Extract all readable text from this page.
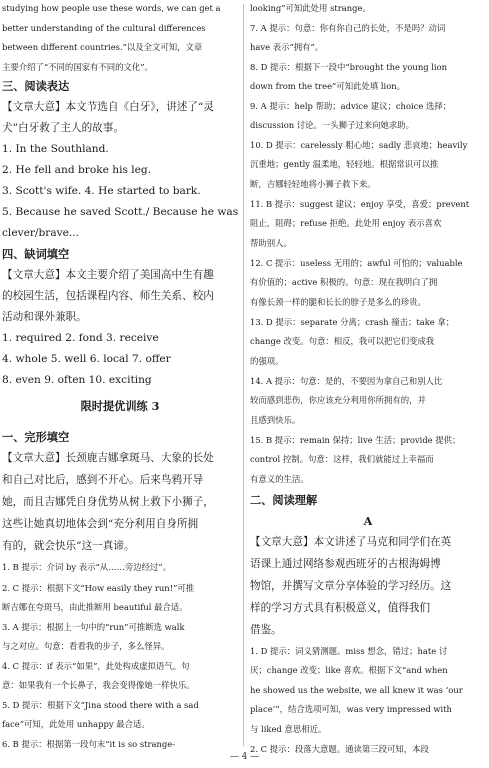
studying how people use these words, we can get a
better understanding of the cultural differences
between different countries.”以及全文可知，文章
主要介绍了“不同的国家有不同的文化”。
三、阅读表达
【文章大意】本文节选自《白牙》，讲述了“灵
犬”白牙救了主人的故事。
1. In the Southland.
2. He fell and broke his leg.
3. Scott's wife. 4. He started to bark.
5. Because he saved Scott./ Because he was
clever/brave...
四、缺词填空
【文章大意】本文主要介绍了美国高中生有趣
的校园生活，包括课程内容、师生关系、校内
活动和课外兼职。
1. required 2. fond 3. receive
4. whole 5. well 6. local 7. offer
8. even 9. often 10. exciting
限时提优训练 3
一、完形填空
【文章大意】长颈鹿吉娜拿斑马、大象的长处
和自己对比后，感到不开心。后来鸟鸦开导
她，而且吉娜凭自身优势从树上救下小狮子，
这些让她真切地体会到“充分利用自身所拥
有的，就会快乐”这一真谛。
1. B 提示：介词 by 表示“从……旁边经过”。
2. C 提示：根据下文“How easily they run!”可推
断吉娜在夸斑马，由此推断用 beautiful 最合适。
3. A 提示：根据上一句中的“run”可推断选 walk
与之对应。句意：看看我的步子，多么怪异。
4. C 提示：if 表示“如果”，此处构成虚拟语气。句
意：如果我有一个长鼻子，我会变得像她一样快乐。
5. D 提示：根据下文“Jina stood there with a sad
face”可知，此处用 unhappy 最合适。
6. B 提示：根据第一段句末“it is so strange-
looking”可知此处用 strange。
7. A 提示：句意：你有你自己的长处，不是吗？动词
have 表示“拥有”。
8. D 提示：根据下一段中“brought the young lion
down from the tree”可知此处填 lion。
9. A 提示：help 帮助；advice 建议；choice 选择；
discussion 讨论。一头狮子过来向她求助。
10. D 提示：carelessly 粗心地；sadly 悲哀地；heavily
沉重地；gently 温柔地，轻轻地。根据常识可以推
断，吉娜轻轻地将小狮子救下来。
11. B 提示：suggest 建议；enjoy 享受，喜爱；prevent
阻止，阻碍；refuse 拒绝。此处用 enjoy 表示喜欢
帮助别人。
12. C 提示：useless 无用的；awful 可怕的；valuable
有价值的；active 积极的。句意：现在我明白了拥
有像长颈一样的腿和长长的脖子是多么的珍贵。
13. D 提示：separate 分离；crash 撞击；take 拿；
change 改变。句意：相反，我可以把它们变成我
的强项。
14. A 提示：句意：是的，不要因为拿自己和别人比
较而感到悲伤，你应该充分利用你所拥有的，并
且感到快乐。
15. B 提示：remain 保持；live 生活；provide 提供；
control 控制。句意：这样，我们就能过上幸福而
有意义的生活。
二、阅读理解
A
【文章大意】本文讲述了马克和同学们在英
语课上通过网络参观西班牙的古根海姆博
物馆，并撰写文章分享体验的学习经历。这
样的学习方式具有积极意义，值得我们
借鉴。
1. D 提示：词义猜测题。miss 想念，错过；hate 讨
厌；change 改变；like 喜欢。根据下文“and when
he showed us the website, we all knew it was ‘our
place’”，结合选项可知，was very impressed with
与 liked 意思相近。
2. C 提示：段落大意题。通读第三段可知，本段
— 4 —
